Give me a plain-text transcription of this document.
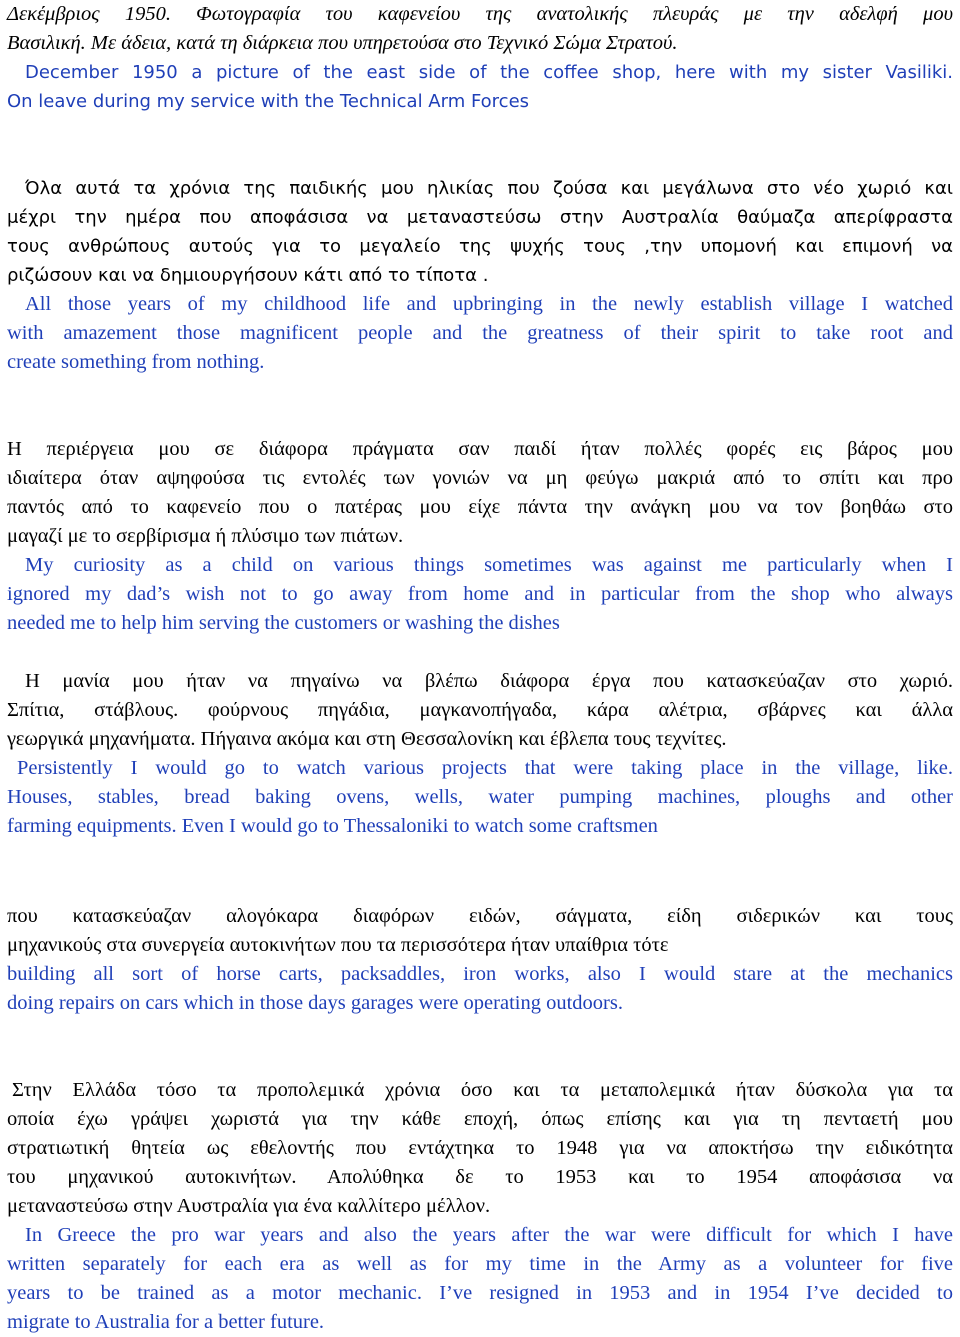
Δεκέμβριος 1950. Φωτογραφία του καφενείου της ανατολικής πλευράς με την αδελφή μου
Βασιλική. Με άδεια, κατά τη διάρκεια που υπηρετούσα στο Τεχνικό Σώμα Στρατού.
December 1950 a picture of the east side of the coffee shop, here with my sister Vasiliki.
On leave during my service with the Technical Arm Forces
Όλα αυτά τα χρόνια της παιδικής μου ηλικίας που ζούσα και μεγάλωνα στο νέο χωριό και
μέχρι την ημέρα που αποφάσισα να μεταναστεύσω στην Αυστραλία θαύμαζα απερίφραστα
τους ανθρώπους αυτούς για το μεγαλείο της ψυχής τους ,την υπομονή και επιμονή να
ριζώσουν και να δημιουργήσουν κάτι από το τίποτα .
All those years of my childhood life and upbringing in the newly establish village I watched
with amazement those magnificent people and the greatness of their spirit to take root and
create something from nothing.
Η περιέργεια μου σε διάφορα πράγματα σαν παιδί ήταν πολλές φορές εις βάρος μου
ιδιαίτερα όταν αψηφούσα τις εντολές των γονιών να μη φεύγω μακριά από το σπίτι και προ
παντός από το καφενείο που ο πατέρας μου είχε πάντα την ανάγκη μου να τον βοηθάω στο
μαγαζί με το σερβίρισμα ή πλύσιμο των πιάτων.
My curiosity as a child on various things sometimes was against me particularly when I
ignored my dad’s wish not to go away from home and in particular from the shop who always
needed me to help him serving the customers or washing the dishes
Η μανία μου ήταν να πηγαίνω να βλέπω διάφορα έργα που κατασκεύαζαν στο χωριό.
Σπίτια, στάβλους. φούρνους πηγάδια, μαγκανοπήγαδα, κάρα αλέτρια, σβάρνες και άλλα
γεωργικά μηχανήματα. Πήγαινα ακόμα και στη Θεσσαλονίκη και έβλεπα τους τεχνίτες.
Persistently I would go to watch various projects that were taking place in the village, like.
Houses, stables, bread baking ovens, wells, water pumping machines, ploughs and other
farming equipments. Even I would go to Thessaloniki to watch some craftsmen
που κατασκεύαζαν αλογόκαρα διαφόρων ειδών, σάγματα, είδη σιδερικών και τους
μηχανικούς στα συνεργεία αυτοκινήτων που τα περισσότερα ήταν υπαίθρια τότε
building all sort of horse carts, packsaddles, iron works, also I would stare at the mechanics
doing repairs on cars which in those days garages were operating outdoors.
Στην Ελλάδα τόσο τα προπολεμικά χρόνια όσο και τα μεταπολεμικά ήταν δύσκολα για τα
οποία έχω γράψει χωριστά για την κάθε εποχή, όπως επίσης και για τη πενταετή μου
στρατιωτική θητεία ως εθελοντής που εντάχτηκα το 1948 για να αποκτήσω την ειδικότητα
του μηχανικού αυτοκινήτων. Απολύθηκα δε το 1953 και το 1954 αποφάσισα να
μεταναστεύσω στην Αυστραλία για ένα καλλίτερο μέλλον.
In Greece the pro war years and also the years after the war were difficult for which I have
written separately for each era as well as for my time in the Army as a volunteer for five
years to be trained as a motor mechanic. I’ve resigned in 1953 and in 1954 I’ve decided to
migrate to Australia for a better future.
